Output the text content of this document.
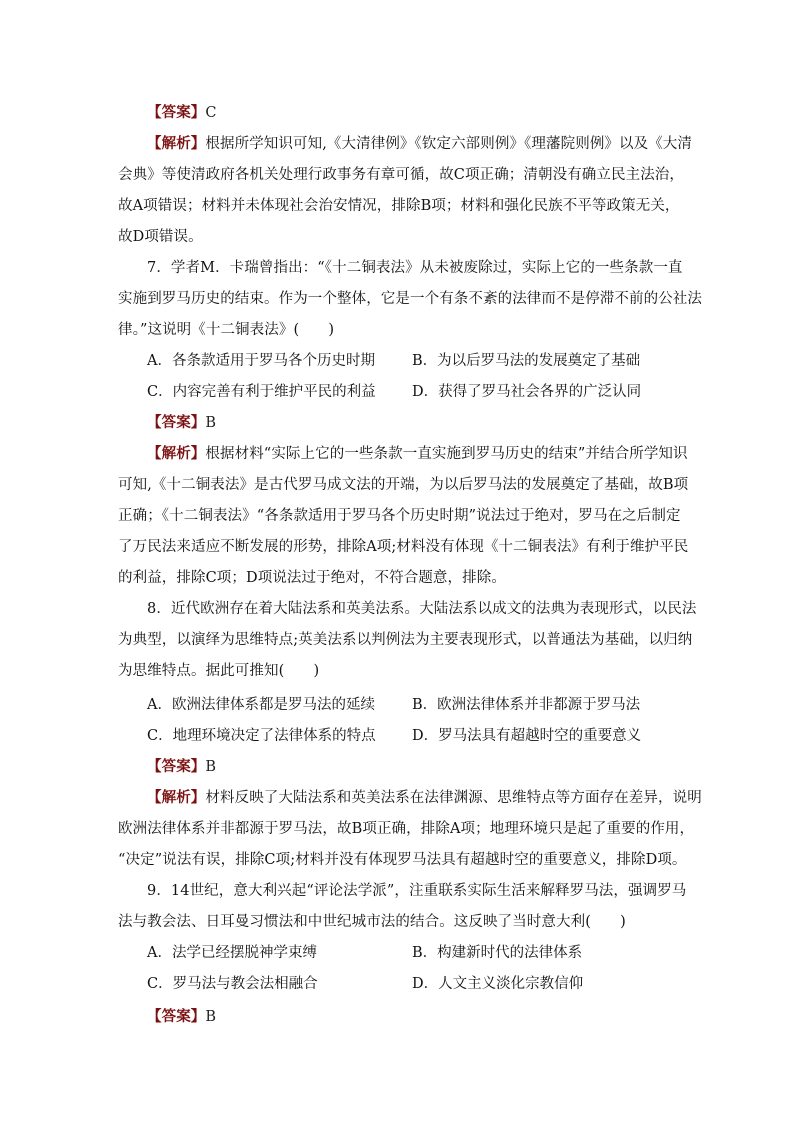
【答案】C
【解析】根据所学知识可知,《大清律例》《钦定六部则例》《理藩院则例》以及《大清
会典》等使清政府各机关处理行政事务有章可循，故C项正确；清朝没有确立民主法治，
故A项错误；材料并未体现社会治安情况，排除B项；材料和强化民族不平等政策无关，
故D项错误。
7．学者M．卡瑞曾指出：“《十二铜表法》从未被废除过，实际上它的一些条款一直
实施到罗马历史的结束。作为一个整体，它是一个有条不紊的法律而不是停滞不前的公社法
律。”这说明《十二铜表法》(　　)
A．各条款适用于罗马各个历史时期	B．为以后罗马法的发展奠定了基础
C．内容完善有利于维护平民的利益	D．获得了罗马社会各界的广泛认同
【答案】B
【解析】根据材料“实际上它的一些条款一直实施到罗马历史的结束”并结合所学知识
可知,《十二铜表法》是古代罗马成文法的开端，为以后罗马法的发展奠定了基础，故B项
正确；《十二铜表法》“各条款适用于罗马各个历史时期”说法过于绝对，罗马在之后制定
了万民法来适应不断发展的形势，排除A项;材料没有体现《十二铜表法》有利于维护平民
的利益，排除C项；D项说法过于绝对，不符合题意，排除。
8．近代欧洲存在着大陆法系和英美法系。大陆法系以成文的法典为表现形式，以民法
为典型，以演绎为思维特点;英美法系以判例法为主要表现形式，以普通法为基础，以归纳
为思维特点。据此可推知(　　)
A．欧洲法律体系都是罗马法的延续	B．欧洲法律体系并非都源于罗马法
C．地理环境决定了法律体系的特点	D．罗马法具有超越时空的重要意义
【答案】B
【解析】材料反映了大陆法系和英美法系在法律渊源、思维特点等方面存在差异，说明
欧洲法律体系并非都源于罗马法，故B项正确，排除A项；地理环境只是起了重要的作用，
“决定”说法有误，排除C项;材料并没有体现罗马法具有超越时空的重要意义，排除D项。
9．14世纪，意大利兴起“评论法学派”，注重联系实际生活来解释罗马法，强调罗马
法与教会法、日耳曼习惯法和中世纪城市法的结合。这反映了当时意大利(　　)
A．法学已经摆脱神学束缚	B．构建新时代的法律体系
C．罗马法与教会法相融合	D．人文主义淡化宗教信仰
【答案】B
